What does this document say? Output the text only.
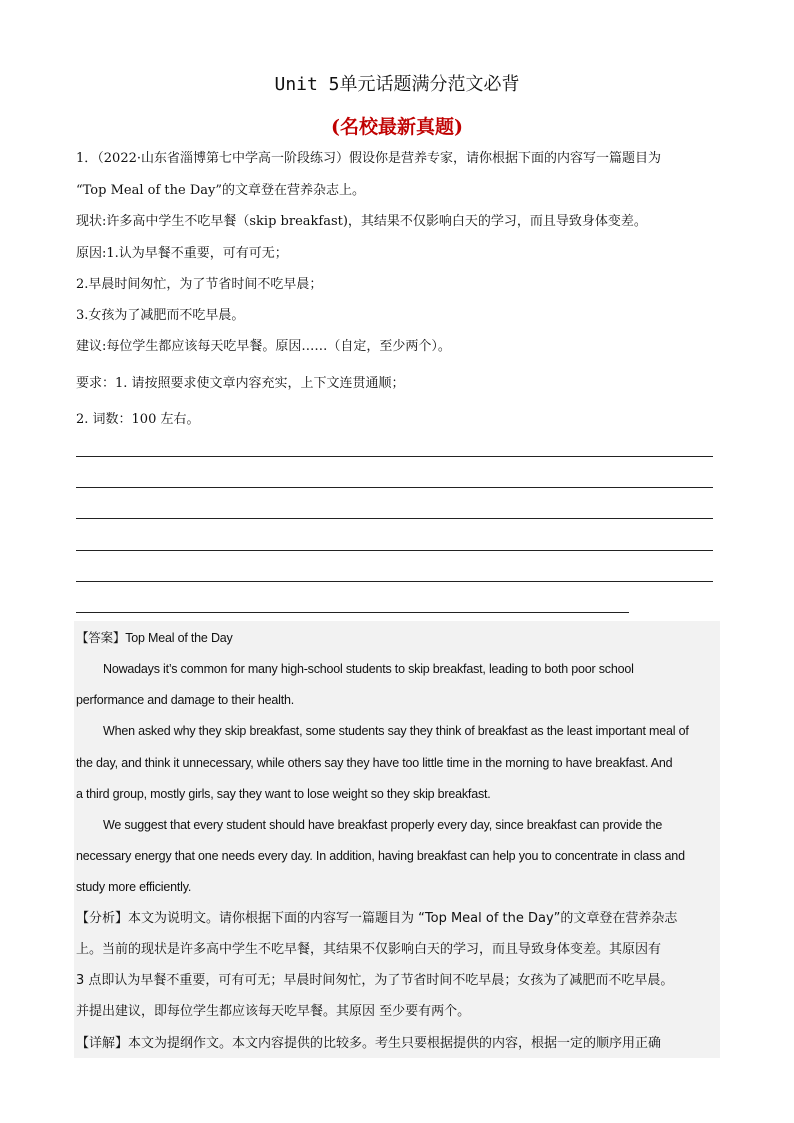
Unit 5单元话题满分范文必背
(名校最新真题)
1．（2022·山东省淄博第七中学高一阶段练习）假设你是营养专家，请你根据下面的内容写一篇题目为
“Top Meal of the Day”的文章登在营养杂志上。
现状:许多高中学生不吃早餐（skip breakfast)，其结果不仅影响白天的学习，而且导致身体变差。
原因:1.认为早餐不重要，可有可无；
2.早晨时间匆忙，为了节省时间不吃早晨；
3.女孩为了减肥而不吃早晨。
建议:每位学生都应该每天吃早餐。原因……（自定，至少两个）。
要求：1. 请按照要求使文章内容充实，上下文连贯通顺；
2. 词数：100 左右。
【答案】Top Meal of the Day
Nowadays it’s common for many high-school students to skip breakfast, leading to both poor school
performance and damage to their health.
When asked why they skip breakfast, some students say they think of breakfast as the least important meal of
the day, and think it unnecessary, while others say they have too little time in the morning to have breakfast. And
a third group, mostly girls, say they want to lose weight so they skip breakfast.
We suggest that every student should have breakfast properly every day, since breakfast can provide the
necessary energy that one needs every day. In addition, having breakfast can help you to concentrate in class and
study more efficiently.
【分析】本文为说明文。请你根据下面的内容写一篇题目为 “Top Meal of the Day”的文章登在营养杂志
上。当前的现状是许多高中学生不吃早餐，其结果不仅影响白天的学习，而且导致身体变差。其原因有
3 点即认为早餐不重要，可有可无；早晨时间匆忙，为了节省时间不吃早晨；女孩为了减肥而不吃早晨。
并提出建议，即每位学生都应该每天吃早餐。其原因 至少要有两个。
【详解】本文为提纲作文。本文内容提供的比较多。考生只要根据提供的内容，根据一定的顺序用正确
